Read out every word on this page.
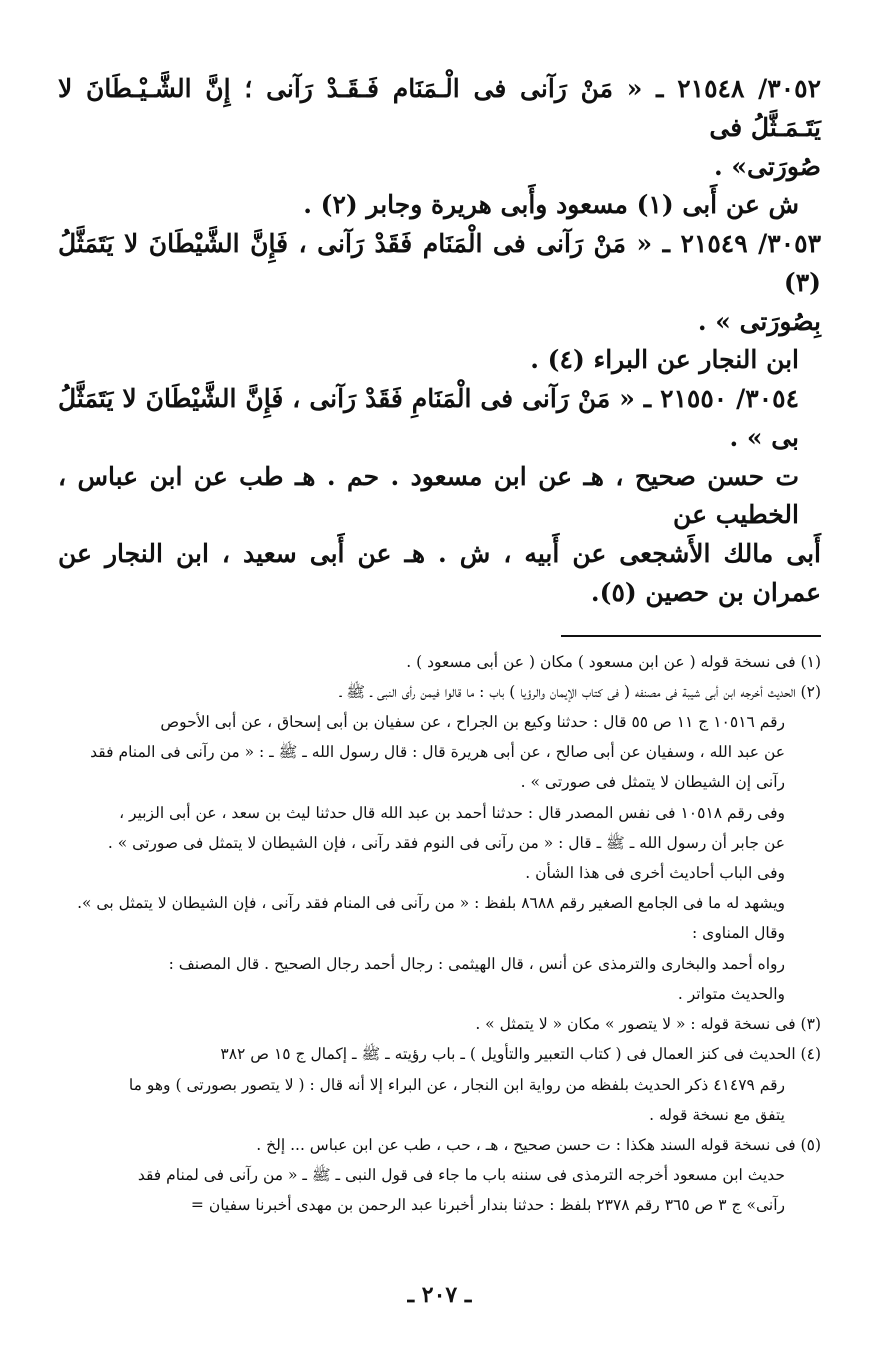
٣٠٥٢/ ٢١٥٤٨ ـ « مَنْ رَآنى فى الْـمَنَام فَـقَـدْ رَآنى ؛ إِنَّ الشَّـيْـطَانَ لا يَتَـمَـثَّلُ فى

صُورَتى» .

ش عن أَبى (١) مسعود وأَبى هريرة وجابر (٢) .

٣٠٥٣/ ٢١٥٤٩ ـ « مَنْ رَآنى فى الْمَنَام فَقَدْ رَآنى ، فَإِنَّ الشَّيْطَانَ لا يَتَمَثَّلُ (٣)

بِصُورَتى » .

ابن النجار عن البراء (٤) .

٣٠٥٤/ ٢١٥٥٠ ـ « مَنْ رَآنى فى الْمَنَامِ فَقَدْ رَآنى ، فَإِنَّ الشَّيْطَانَ لا يَتَمَثَّلُ بى » .

ت حسن صحيح ، هـ عن ابن مسعود . حم . هـ طب عن ابن عباس ، الخطيب عن

أَبى مالك الأَشجعى عن أَبيه ، ش . هـ عن أَبى سعيد ، ابن النجار عن عمران بن حصين (٥).

(١) فى نسخة قوله ( عن ابن مسعود ) مكان ( عن أبى مسعود ) .

(٢) الحديث أخرجه ابن أبى شيبة فى مصنفه ( فى كتاب الإيمان والرؤيا ) باب : ما قالوا فيمن رأى النبى ـ ﷺ ـ

رقم ١٠٥١٦ ج ١١ ص ٥٥ قال : حدثنا وكيع بن الجراح ، عن سفيان بن أبى إسحاق ، عن أبى الأحوص

عن عبد الله ، وسفيان عن أبى صالح ، عن أبى هريرة قال : قال رسول الله ـ ﷺ ـ : « من رآنى فى المنام فقد

رآنى إن الشيطان لا يتمثل فى صورتى » .

وفى رقم ١٠٥١٨ فى نفس المصدر قال : حدثنا أحمد بن عبد الله قال حدثنا ليث بن سعد ، عن أبى الزبير ،

عن جابر أن رسول الله ـ ﷺ ـ قال : « من رآنى فى النوم فقد رآنى ، فإن الشيطان لا يتمثل فى صورتى » .

وفى الباب أحاديث أخرى فى هذا الشأن .

ويشهد له ما فى الجامع الصغير رقم ٨٦٨٨ بلفظ : « من رآنى فى المنام فقد رآنى ، فإن الشيطان لا يتمثل بى ».

وقال المناوى :

رواه أحمد والبخارى والترمذى عن أنس ، قال الهيثمى : رجال أحمد رجال الصحيح . قال المصنف :

والحديث متواتر .

(٣) فى نسخة قوله : « لا يتصور » مكان « لا يتمثل » .

(٤) الحديث فى كنز العمال فى ( كتاب التعبير والتأويل ) ـ باب رؤيته ـ ﷺ ـ إكمال ج ١٥ ص ٣٨٢

رقم ٤١٤٧٩ ذكر الحديث بلفظه من رواية ابن النجار ، عن البراء إلا أنه قال : ( لا يتصور بصورتى ) وهو ما

يتفق مع نسخة قوله .

(٥) فى نسخة قوله السند هكذا : ت حسن صحيح ، هـ ، حب ، طب عن ابن عباس ... إلخ .

حديث ابن مسعود أخرجه الترمذى فى سننه باب ما جاء فى قول النبى ـ ﷺ ـ « من رآنى فى لمنام فقد

رآنى» ج ٣ ص ٣٦٥ رقم ٢٣٧٨ بلفظ : حدثنا بندار أخبرنا عبد الرحمن بن مهدى أخبرنا سفيان =

ـ ٢٠٧ ـ
